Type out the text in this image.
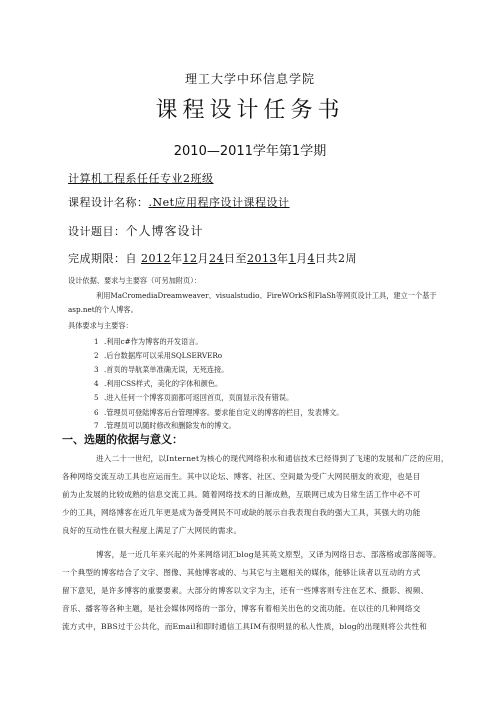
理工大学中环信息学院
课程设计任务书
2010—2011学年第1学期
计算机工程系任任专业2班级
课程设计名称：.Net应用程序设计课程设计
设计题目：个人博客设计
完成期限：自 2012年12月24日至2013年1月4日共2周
设计依据、要求与主要容（可另加附页）：
利用MaCromediaDreamweaver、visualstudio、FireWOrkS和FlaSh等网页设计工具，建立一个基于
asp.net的个人博客。
具体要求与主要容：
1 .利用c#作为博客的开发语言。
2 .后台数据库可以采用SQLSERVERo
3 .首页的导航菜单准确无误，无死连接。
4 .利用CSS样式，美化的字体和颜色。
5 .进入任何一个博客页面都可返回首页，页面显示没有错误。
6 .管理员可登陆博客后台管理博客。要求能自定义的博客的栏目，发表博文。
7 .管理员可以随时修改和删除发布的博文。
一、选题的依据与意义：
进入二十一世纪，以Internet为核心的现代网络积水和通信技术已经得到了飞速的发展和广泛的应用，
各种网络交流互动工具也应运而生。其中以论坛、博客、社区、空间最为受广大网民朋友的欢迎，也是目
前为止发展的比较成熟的信息交流工具。随着网络技术的日渐成熟，互联网已成为日常生活工作中必不可
少的工具，网络博客在近几年更是成为备受网民不可或缺的展示自我表现自我的强大工具，其强大的功能
良好的互动性在很大程度上满足了广大网民的需求。
博客，是一近几年来兴起的外来网络词汇blog是其英文原型，又译为网络日志、部落格或部落阁等。
一个典型的博客结合了文字、图像、其他博客或的、与其它与主题相关的媒体，能够让读者以互动的方式
留下意见，是许多博客的重要要素。大部分的博客以文字为主，还有一些博客则专注在艺术、摄影、视频、
音乐、播客等各种主题，是社会媒体网络的一部分，博客有着相关出色的交流功能。在以往的几种网络交
流方式中，BBS过于公共化，而Email和即时通信工具IM有很明显的私人性质，blog的出现则将公共性和
